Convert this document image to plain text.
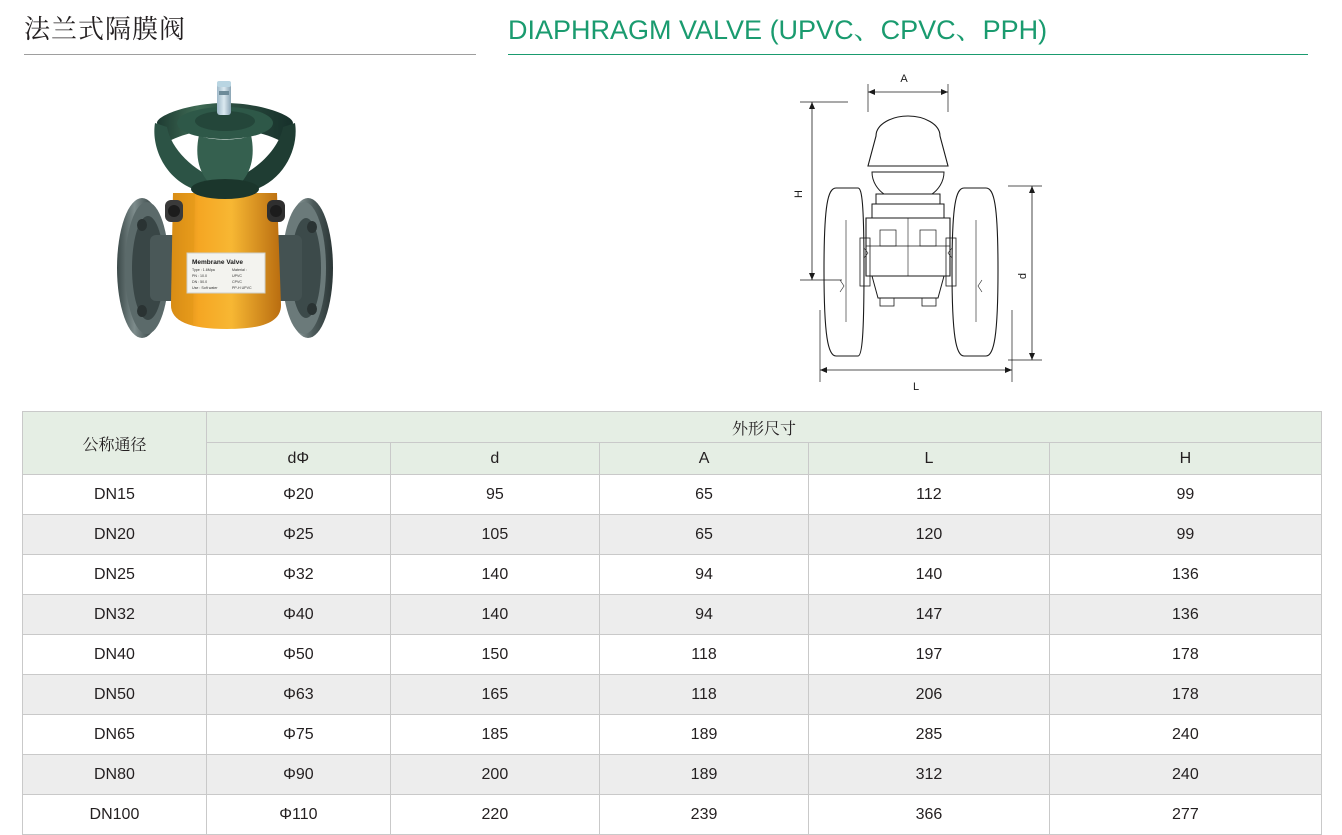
法兰式隔膜阀	DIAPHRAGM VALVE (UPVC、CPVC、PPH)
Membrane Valve
Type : 1.6Mpa
PN : 10.0
DN : 50.0
Use : Soft water
Material :
UPVC
CPVC
PP-H UPVC
A
H
d
L
公称通径	外形尺寸				
	dΦ	d	A	L	H
DN15	Φ20	95	65	112	99
DN20	Φ25	105	65	120	99
DN25	Φ32	140	94	140	136
DN32	Φ40	140	94	147	136
DN40	Φ50	150	118	197	178
DN50	Φ63	165	118	206	178
DN65	Φ75	185	189	285	240
DN80	Φ90	200	189	312	240
DN100	Φ110	220	239	366	277
